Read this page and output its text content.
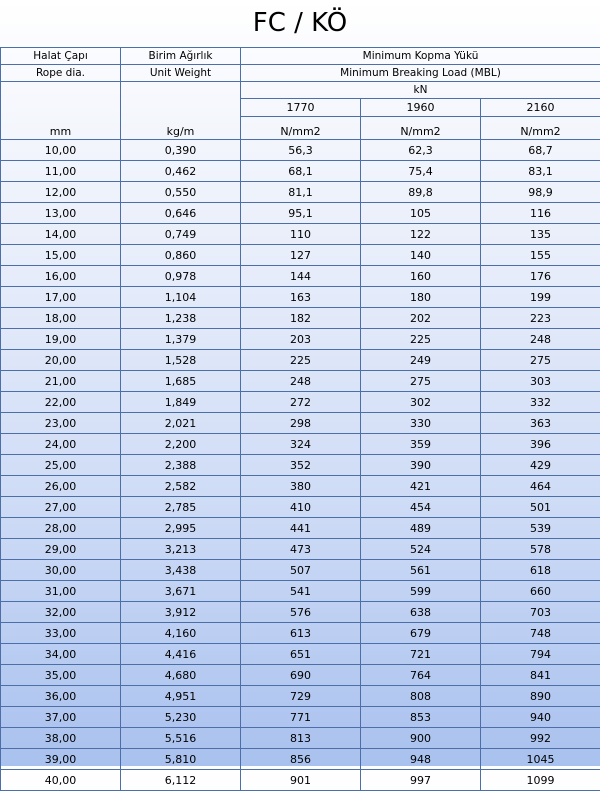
FC / KÖ
Halat Çapı	Birim Ağırlık	Minimum Kopma Yükü		
Rope dia.	Unit Weight	Minimum Breaking Load (MBL)		
		kN		
		1770	1960	2160
mm	kg/m	N/mm2	N/mm2	N/mm2
10,00	0,390	56,3	62,3	68,7
11,00	0,462	68,1	75,4	83,1
12,00	0,550	81,1	89,8	98,9
13,00	0,646	95,1	105	116
14,00	0,749	110	122	135
15,00	0,860	127	140	155
16,00	0,978	144	160	176
17,00	1,104	163	180	199
18,00	1,238	182	202	223
19,00	1,379	203	225	248
20,00	1,528	225	249	275
21,00	1,685	248	275	303
22,00	1,849	272	302	332
23,00	2,021	298	330	363
24,00	2,200	324	359	396
25,00	2,388	352	390	429
26,00	2,582	380	421	464
27,00	2,785	410	454	501
28,00	2,995	441	489	539
29,00	3,213	473	524	578
30,00	3,438	507	561	618
31,00	3,671	541	599	660
32,00	3,912	576	638	703
33,00	4,160	613	679	748
34,00	4,416	651	721	794
35,00	4,680	690	764	841
36,00	4,951	729	808	890
37,00	5,230	771	853	940
38,00	5,516	813	900	992
39,00	5,810	856	948	1045
40,00	6,112	901	997	1099
